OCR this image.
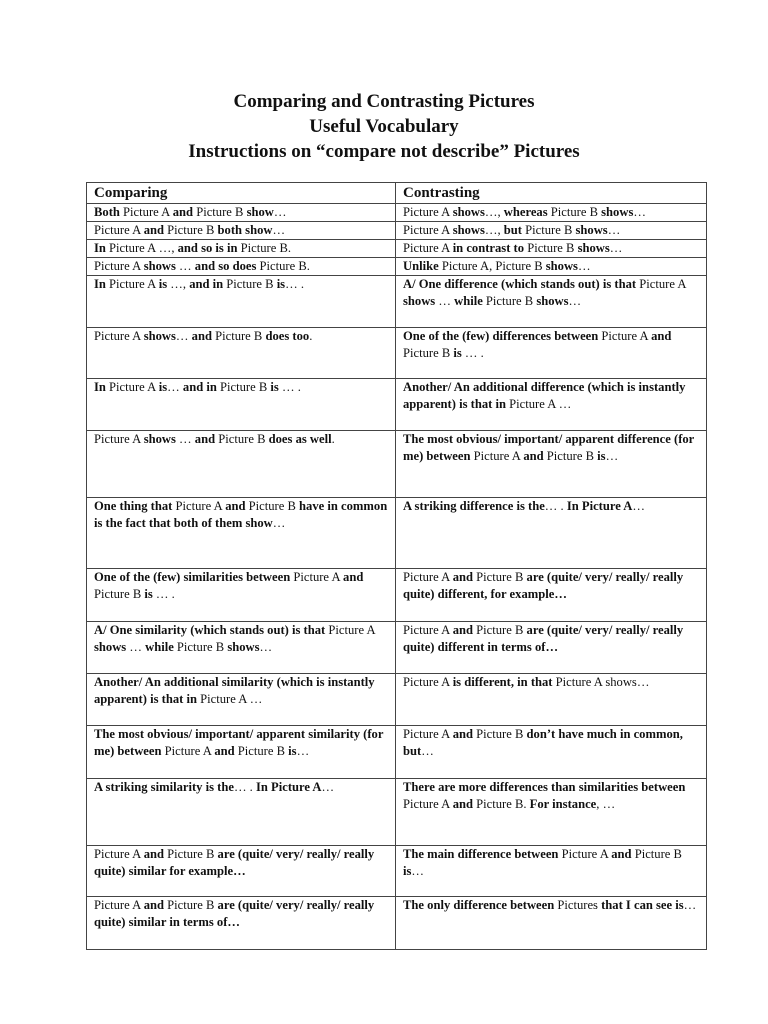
Comparing and Contrasting Pictures
Useful Vocabulary
Instructions on “compare not describe” Pictures
Comparing	Contrasting
Both Picture A and Picture B show…	Picture A shows…, whereas Picture B shows…
Picture A and Picture B both show…	Picture A shows…, but Picture B shows…
In Picture A …, and so is in Picture B.	Picture A in contrast to Picture B shows…
Picture A shows … and so does Picture B.	Unlike Picture A, Picture B shows…
In Picture A is …, and in Picture B is… .	A/ One difference (which stands out) is that Picture A shows … while Picture B shows…
Picture A shows… and Picture B does too.	One of the (few) differences between Picture A and Picture B is … .
In Picture A is… and in Picture B is … .	Another/ An additional difference (which is instantly apparent) is that in Picture A …
Picture A shows … and Picture B does as well.	The most obvious/ important/ apparent difference (for me) between Picture A and Picture B is…
One thing that Picture A and Picture B have in common is the fact that both of them show…	A striking difference is the… . In Picture A…
One of the (few) similarities between Picture A and Picture B is … .	Picture A and Picture B are (quite/ very/ really/ really quite) different, for example…
A/ One similarity (which stands out) is that Picture A shows … while Picture B shows…	Picture A and Picture B are (quite/ very/ really/ really quite) different in terms of…
Another/ An additional similarity (which is instantly apparent) is that in Picture A …	Picture A is different, in that Picture A shows…
The most obvious/ important/ apparent similarity (for me) between Picture A and Picture B is…	Picture A and Picture B don’t have much in common, but…
A striking similarity is the… . In Picture A…	There are more differences than similarities between Picture A and Picture B. For instance, …
Picture A and Picture B are (quite/ very/ really/ really quite) similar for example…	The main difference between Picture A and Picture B is…
Picture A and Picture B are (quite/ very/ really/ really quite) similar in terms of…	The only difference between Pictures that I can see is…
